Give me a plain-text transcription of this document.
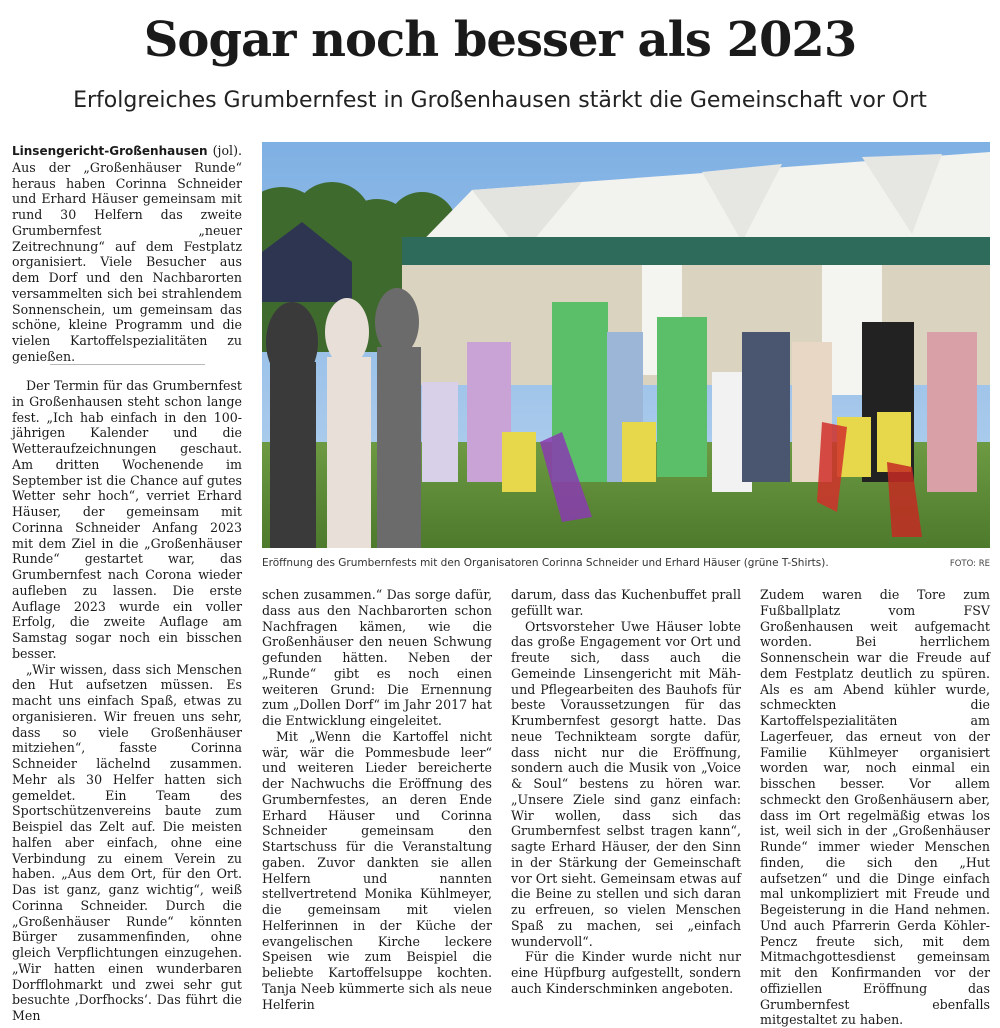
Sogar noch besser als 2023
Erfolgreiches Grumbernfest in Großenhausen stärkt die Gemeinschaft vor Ort

Linsengericht-Großenhausen (jol). Aus der „Großenhäuser Runde“ heraus haben Corinna Schneider und Erhard Häuser gemeinsam mit rund 30 Helfern das zweite Grumbernfest „neuer Zeitrechnung“ auf dem Festplatz organisiert. Viele Besucher aus dem Dorf und den Nachbarorten versammelten sich bei strahlendem Sonnenschein, um gemeinsam das schöne, kleine Programm und die vielen Kartoffelspezialitäten zu genießen.

Der Termin für das Grumbernfest in Großenhausen steht schon lange fest. „Ich hab einfach in den 100-jährigen Kalender und die Wetteraufzeichnungen geschaut. Am dritten Wochenende im September ist die Chance auf gutes Wetter sehr hoch“, verriet Erhard Häuser, der gemeinsam mit Corinna Schneider Anfang 2023 mit dem Ziel in die „Großenhäuser Runde“ gestartet war, das Grumbernfest nach Corona wieder aufleben zu lassen. Die erste Auflage 2023 wurde ein voller Erfolg, die zweite Auflage am Samstag sogar noch ein bisschen besser.

„Wir wissen, dass sich Menschen den Hut aufsetzen müssen. Es macht uns einfach Spaß, etwas zu organisieren. Wir freuen uns sehr, dass so viele Großenhäuser mitziehen“, fasste Corinna Schneider lächelnd zusammen. Mehr als 30 Helfer hatten sich gemeldet. Ein Team des Sportschützenvereins baute zum Beispiel das Zelt auf. Die meisten halfen aber einfach, ohne eine Verbindung zu einem Verein zu haben. „Aus dem Ort, für den Ort. Das ist ganz, ganz wichtig“, weiß Corinna Schneider. Durch die „Großenhäuser Runde“ könnten Bürger zusammenfinden, ohne gleich Verpflichtungen einzugehen. „Wir hatten einen wunderbaren Dorfflohmarkt und zwei sehr gut besuchte ‚Dorfhocks‘. Das führt die Men

Eröffnung des Grumbernfests mit den Organisatoren Corinna Schneider und Erhard Häuser (grüne T-Shirts).	FOTO: RE

schen zusammen.“ Das sorge dafür, dass aus den Nachbarorten schon Nachfragen kämen, wie die Großenhäuser den neuen Schwung gefunden hätten. Neben der „Runde“ gibt es noch einen weiteren Grund: Die Ernennung zum „Dollen Dorf“ im Jahr 2017 hat die Entwicklung eingeleitet.

Mit „Wenn die Kartoffel nicht wär, wär die Pommesbude leer“ und weiteren Lieder bereicherte der Nachwuchs die Eröffnung des Grumbernfestes, an deren Ende Erhard Häuser und Corinna Schneider gemeinsam den Startschuss für die Veranstaltung gaben. Zuvor dankten sie allen Helfern und nannten stellvertretend Monika Kühlmeyer, die gemeinsam mit vielen Helferinnen in der Küche der evangelischen Kirche leckere Speisen wie zum Beispiel die beliebte Kartoffelsuppe kochten. Tanja Neeb kümmerte sich als neue Helferin

darum, dass das Kuchenbuffet prall gefüllt war.

Ortsvorsteher Uwe Häuser lobte das große Engagement vor Ort und freute sich, dass auch die Gemeinde Linsengericht mit Mäh- und Pflegearbeiten des Bauhofs für beste Voraussetzungen für das Krumbernfest gesorgt hatte. Das neue Technikteam sorgte dafür, dass nicht nur die Eröffnung, sondern auch die Musik von „Voice & Soul“ bestens zu hören war. „Unsere Ziele sind ganz einfach: Wir wollen, dass sich das Grumbernfest selbst tragen kann“, sagte Erhard Häuser, der den Sinn in der Stärkung der Gemeinschaft vor Ort sieht. Gemeinsam etwas auf die Beine zu stellen und sich daran zu erfreuen, so vielen Menschen Spaß zu machen, sei „einfach wundervoll“.

Für die Kinder wurde nicht nur eine Hüpfburg aufgestellt, sondern auch Kinderschminken angeboten.

Zudem waren die Tore zum Fußballplatz vom FSV Großenhausen weit aufgemacht worden. Bei herrlichem Sonnenschein war die Freude auf dem Festplatz deutlich zu spüren. Als es am Abend kühler wurde, schmeckten die Kartoffelspezialitäten am Lagerfeuer, das erneut von der Familie Kühlmeyer organisiert worden war, noch einmal ein bisschen besser. Vor allem schmeckt den Großenhäusern aber, dass im Ort regelmäßig etwas los ist, weil sich in der „Großenhäuser Runde“ immer wieder Menschen finden, die sich den „Hut aufsetzen“ und die Dinge einfach mal unkompliziert mit Freude und Begeisterung in die Hand nehmen. Und auch Pfarrerin Gerda Köhler-Pencz freute sich, mit dem Mitmachgottesdienst gemeinsam mit den Konfirmanden vor der offiziellen Eröffnung das Grumbernfest ebenfalls mitgestaltet zu haben.
